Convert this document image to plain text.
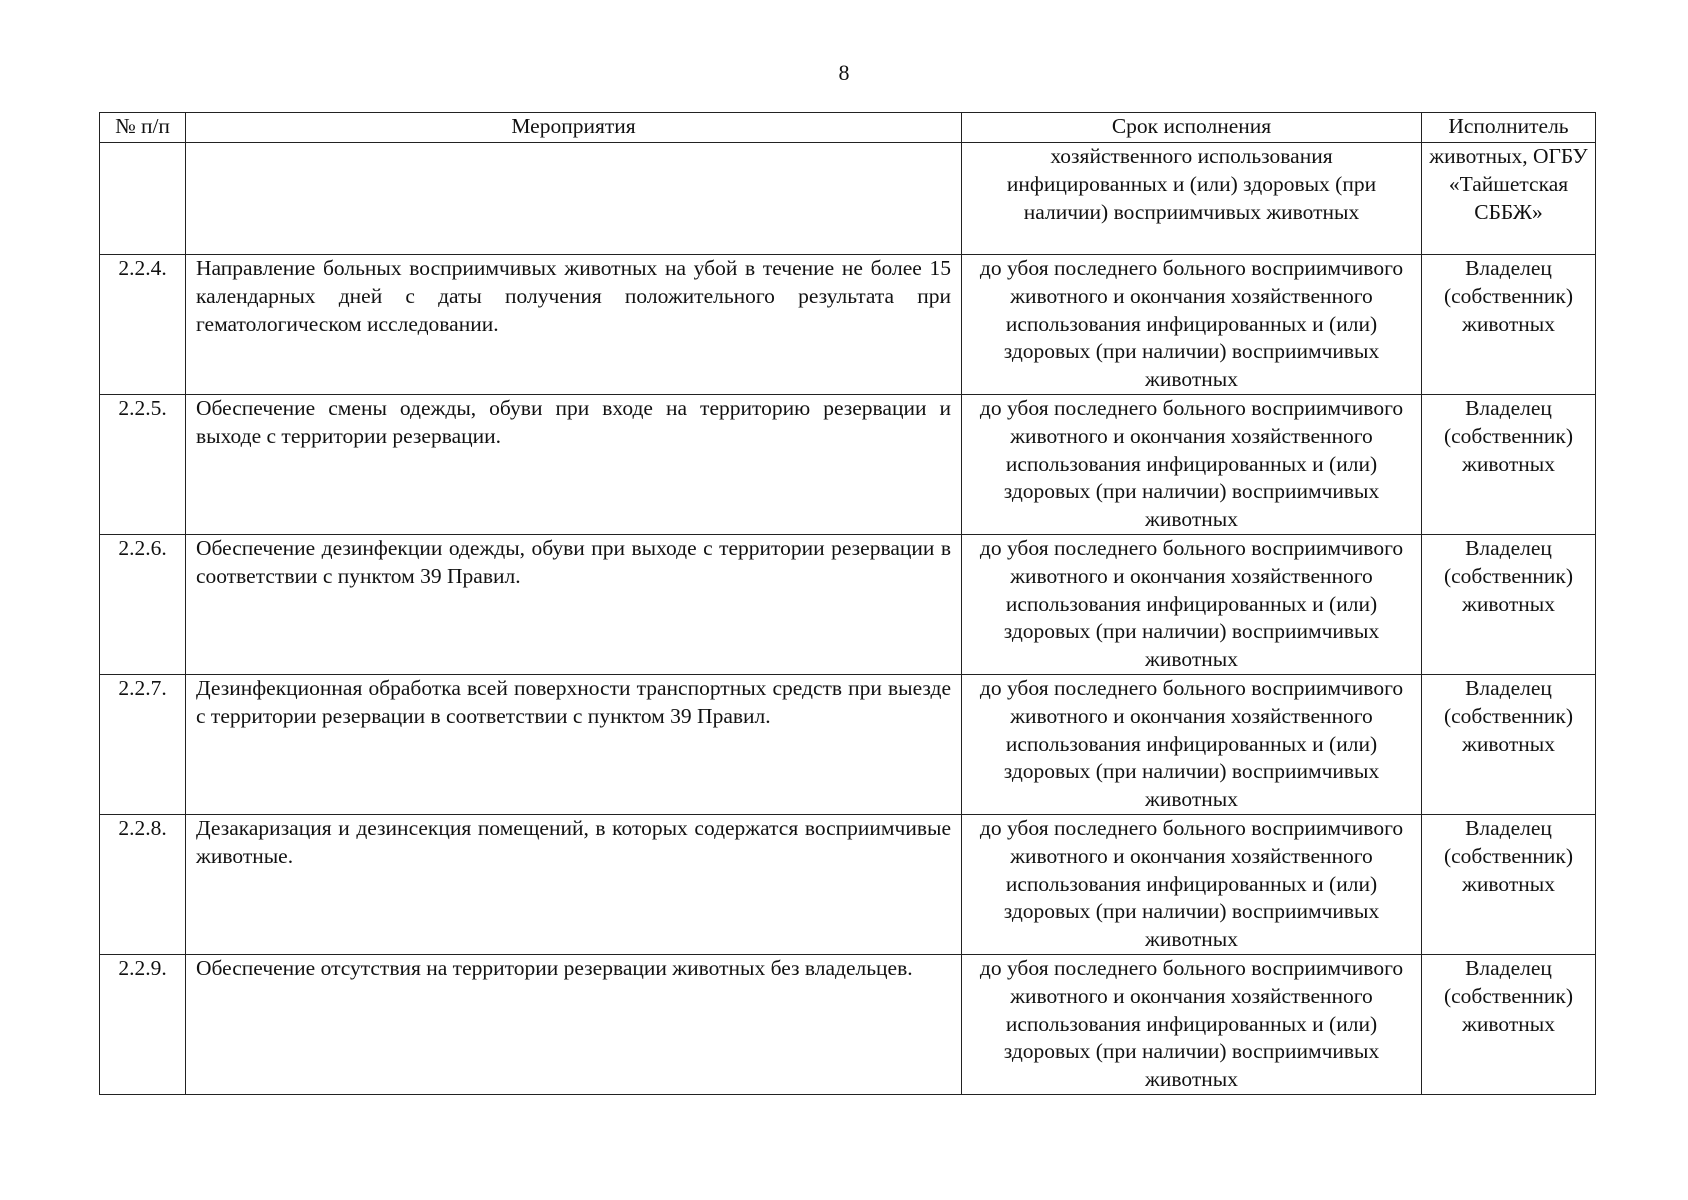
8
№ п/п	Мероприятия	Срок исполнения	Исполнитель
		хозяйственного использования инфицированных и (или) здоровых (при наличии) восприимчивых животных	животных, ОГБУ «Тайшетская СББЖ»
2.2.4.	Направление больных восприимчивых животных на убой в течение не более 15 календарных дней с даты получения положительного результата при гематологическом исследовании.	до убоя последнего больного восприимчивого животного и окончания хозяйственного использования инфицированных и (или) здоровых (при наличии) восприимчивых животных	Владелец (собственник) животных
2.2.5.	Обеспечение смены одежды, обуви при входе на территорию резервации и выходе с территории резервации.	до убоя последнего больного восприимчивого животного и окончания хозяйственного использования инфицированных и (или) здоровых (при наличии) восприимчивых животных	Владелец (собственник) животных
2.2.6.	Обеспечение дезинфекции одежды, обуви при выходе с территории резервации в соответствии с пунктом 39 Правил.	до убоя последнего больного восприимчивого животного и окончания хозяйственного использования инфицированных и (или) здоровых (при наличии) восприимчивых животных	Владелец (собственник) животных
2.2.7.	Дезинфекционная обработка всей поверхности транспортных средств при выезде с территории резервации в соответствии с пунктом 39 Правил.	до убоя последнего больного восприимчивого животного и окончания хозяйственного использования инфицированных и (или) здоровых (при наличии) восприимчивых животных	Владелец (собственник) животных
2.2.8.	Дезакаризация и дезинсекция помещений, в которых содержатся восприимчивые животные.	до убоя последнего больного восприимчивого животного и окончания хозяйственного использования инфицированных и (или) здоровых (при наличии) восприимчивых животных	Владелец (собственник) животных
2.2.9.	Обеспечение отсутствия на территории резервации животных без владельцев.	до убоя последнего больного восприимчивого животного и окончания хозяйственного использования инфицированных и (или) здоровых (при наличии) восприимчивых животных	Владелец (собственник) животных
